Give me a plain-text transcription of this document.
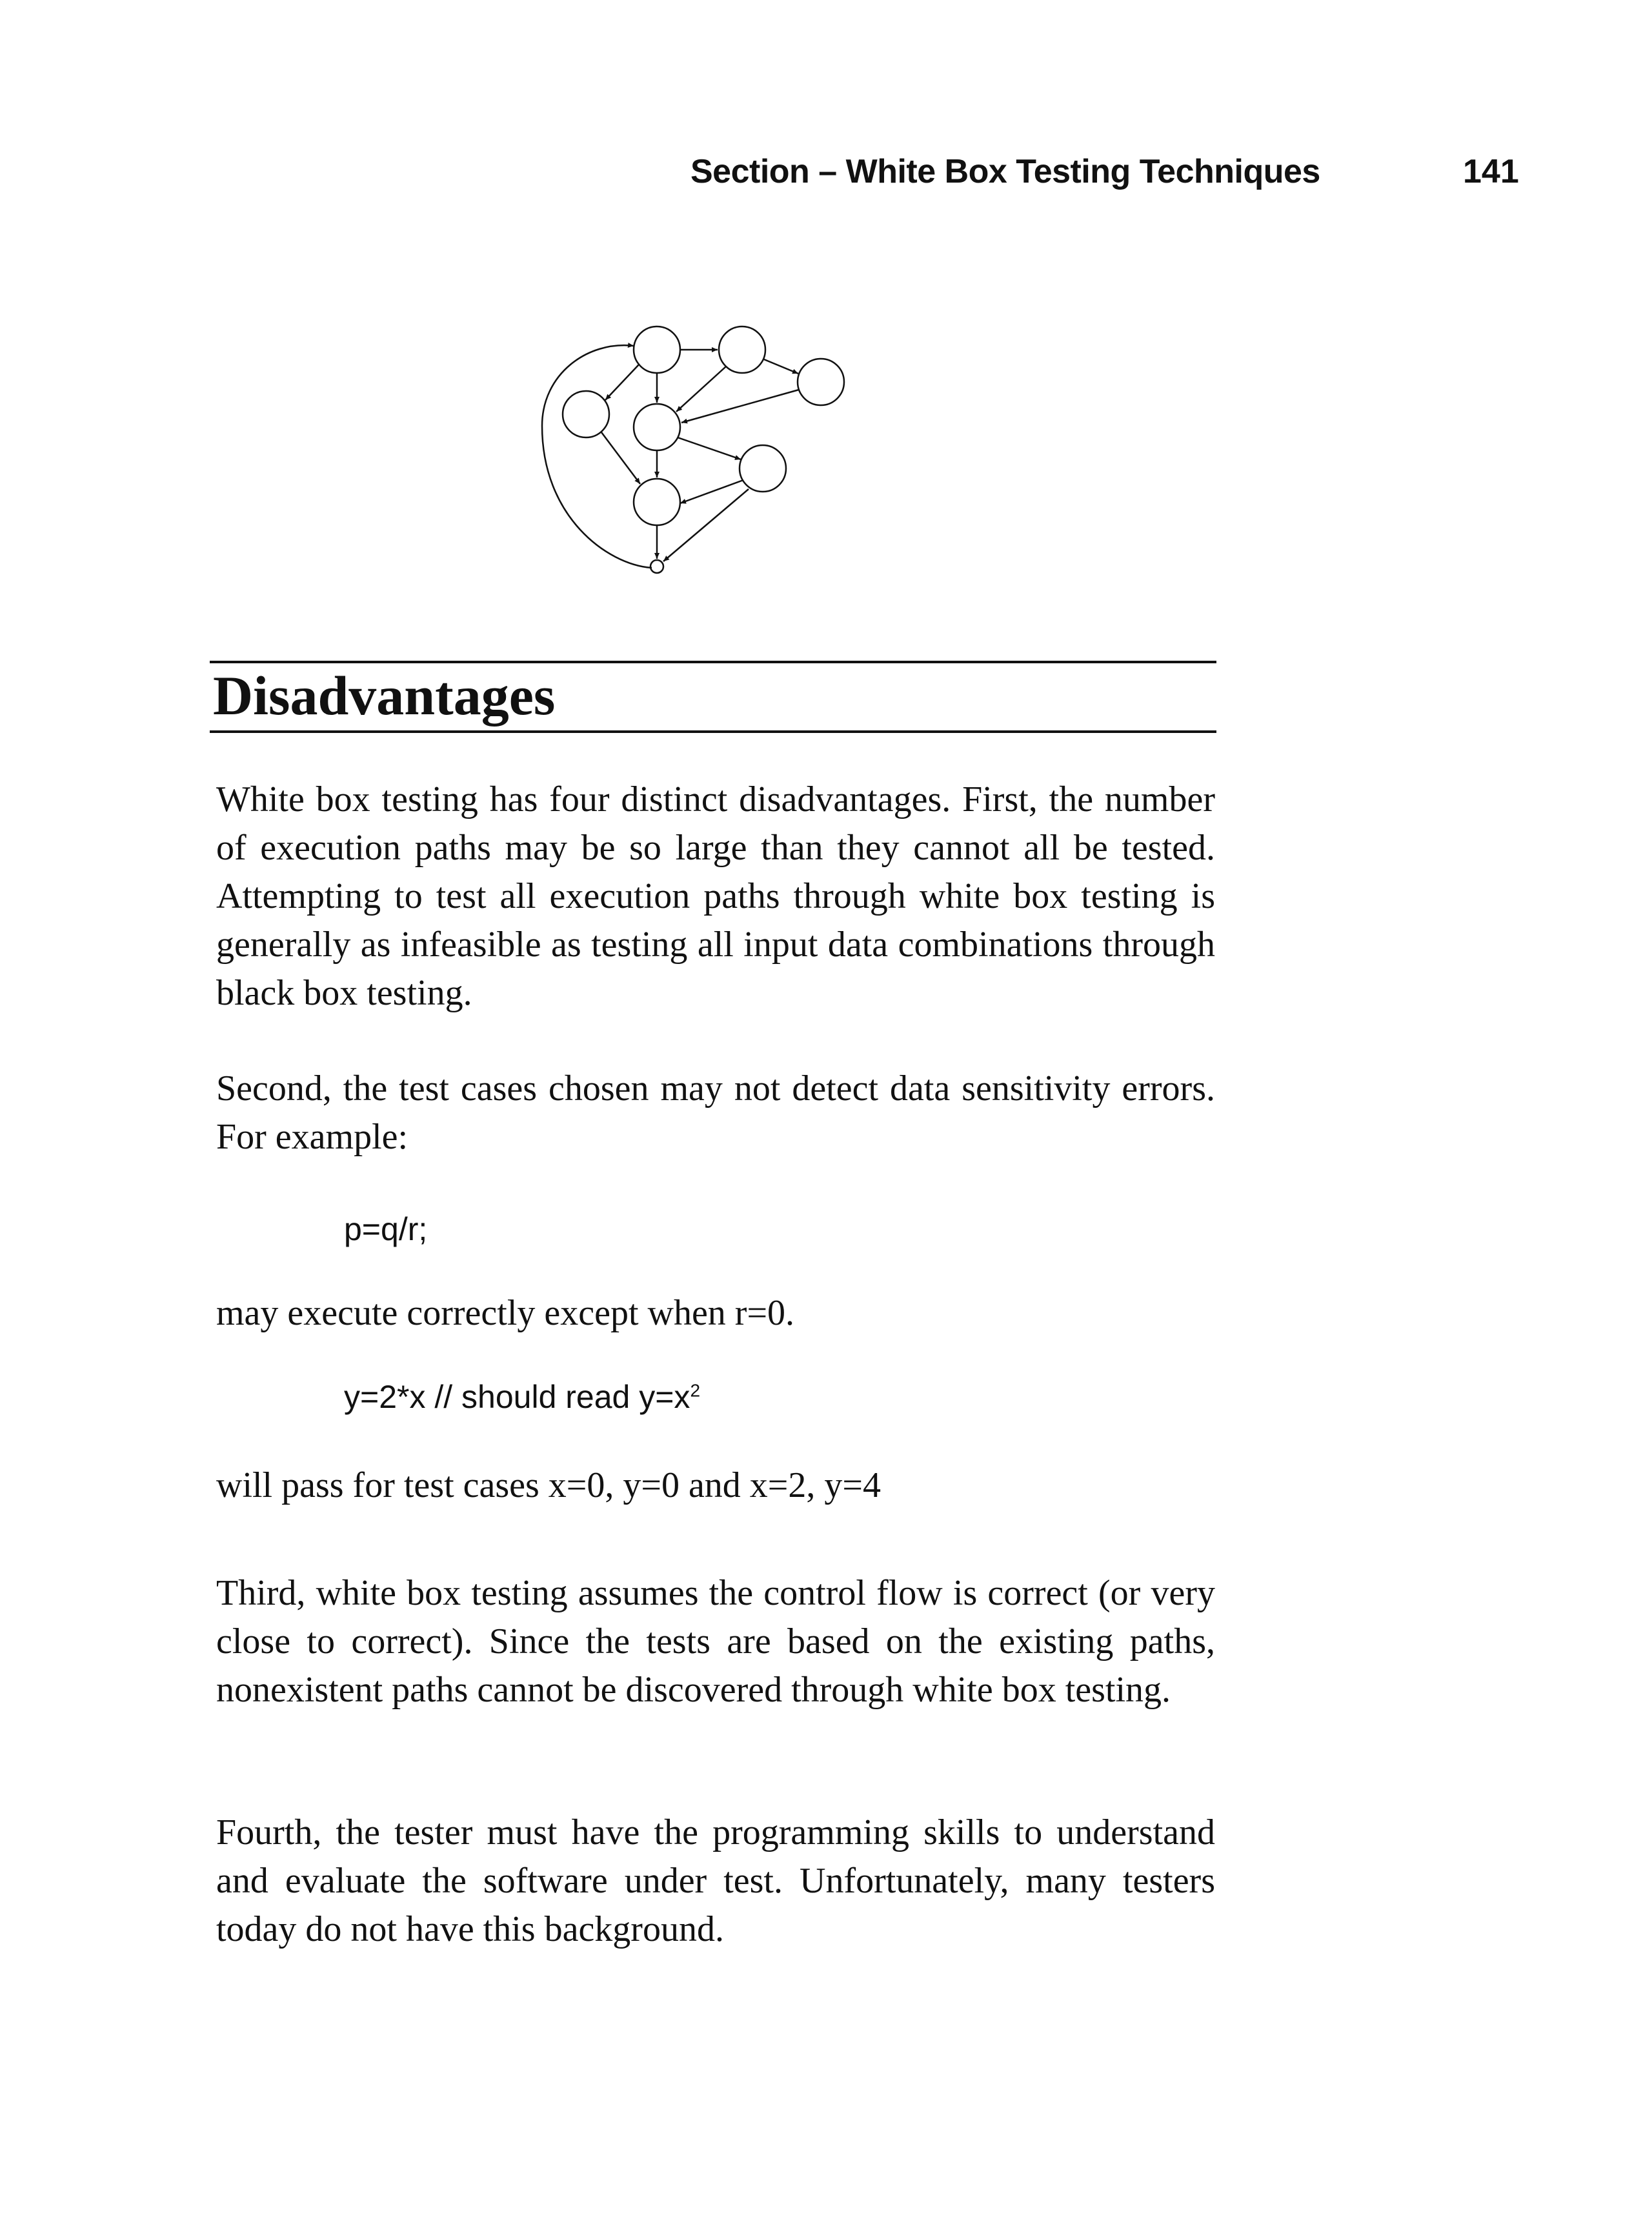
Section – White Box Testing Techniques	141
Disadvantages

White box testing has four distinct disadvantages. First, the number of execution paths may be so large than they cannot all be tested. Attempting to test all execution paths through white box testing is generally as infeasible as testing all input data combinations through black box testing.

Second, the test cases chosen may not detect data sensitivity errors. For example:

p=q/r;

may execute correctly except when r=0.

y=2*x // should read $y=x^2$

will pass for test cases x=0, y=0 and x=2, y=4

Third, white box testing assumes the control flow is correct (or very close to correct). Since the tests are based on the existing paths, nonexistent paths cannot be discovered through white box testing.

Fourth, the tester must have the programming skills to understand and evaluate the software under test. Unfortunately, many testers today do not have this background.
